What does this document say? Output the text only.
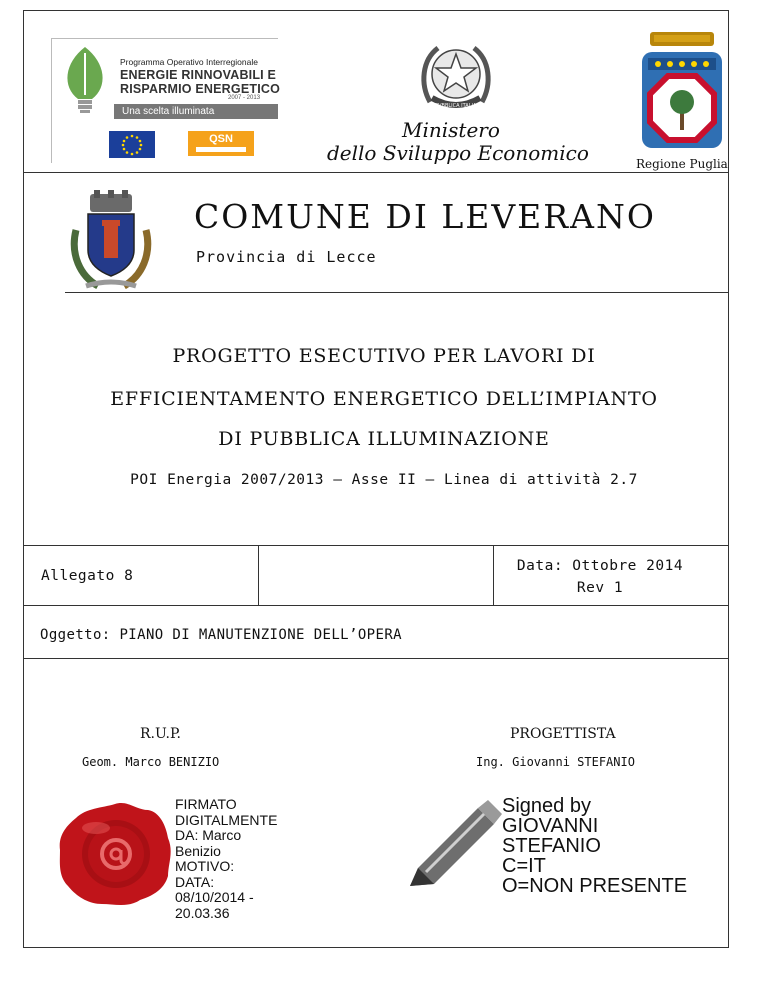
Programma Operativo Interregionale
ENERGIE RINNOVABILI E
RISPARMIO ENERGETICO
2007 - 2013
Una scelta illuminata
QSN
REPVBBLICA ITALIANA
Ministero
dello Sviluppo Economico	Regione Puglia
COMUNE DI LEVERANO
Provincia di Lecce
PROGETTO ESECUTIVO PER LAVORI DI
EFFICIENTAMENTO ENERGETICO DELL’IMPIANTO
DI PUBBLICA ILLUMINAZIONE
POI Energia 2007/2013 – Asse II – Linea di attività 2.7
Allegato 8
Data: Ottobre 2014
Rev 1
Oggetto: PIANO DI MANUTENZIONE DELL’OPERA
R.U.P.	PROGETTISTA
Geom. Marco BENIZIO	Ing. Giovanni STEFANIO
FIRMATO
DIGITALMENTE
DA: Marco
Benizio
MOTIVO:
DATA:
08/10/2014 -
20.03.36
Signed by
GIOVANNI
STEFANIO
C=IT
O=NON PRESENTE
